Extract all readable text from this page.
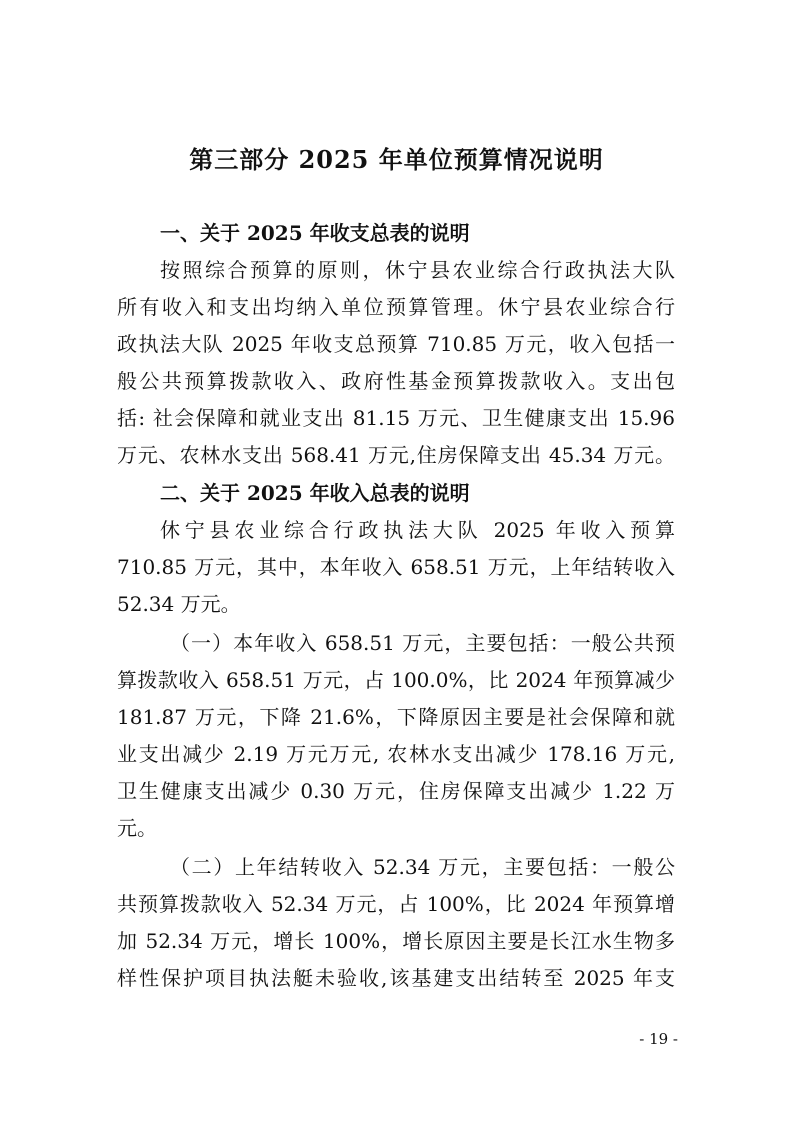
第三部分 2025 年单位预算情况说明
一、关于 2025 年收支总表的说明
按照综合预算的原则，休宁县农业综合行政执法大队
所有收入和支出均纳入单位预算管理。休宁县农业综合行
政执法大队 2025 年收支总预算 710.85 万元，收入包括一
般公共预算拨款收入、政府性基金预算拨款收入。支出包
括: 社会保障和就业支出 81.15 万元、卫生健康支出 15.96
万元、农林水支出 568.41 万元,住房保障支出 45.34 万元。
二、关于 2025 年收入总表的说明
休宁县农业综合行政执法大队 2025 年收入预算
710.85 万元，其中，本年收入 658.51 万元，上年结转收入
52.34 万元。
（一）本年收入 658.51 万元，主要包括：一般公共预
算拨款收入 658.51 万元，占 100.0%，比 2024 年预算减少
181.87 万元，下降 21.6%，下降原因主要是社会保障和就
业支出减少 2.19 万元万元, 农林水支出减少 178.16 万元,
卫生健康支出减少 0.30 万元，住房保障支出减少 1.22 万
元。
（二）上年结转收入 52.34 万元，主要包括：一般公
共预算拨款收入 52.34 万元，占 100%，比 2024 年预算增
加 52.34 万元，增长 100%，增长原因主要是长江水生物多
样性保护项目执法艇未验收,该基建支出结转至 2025 年支
- 19 -
